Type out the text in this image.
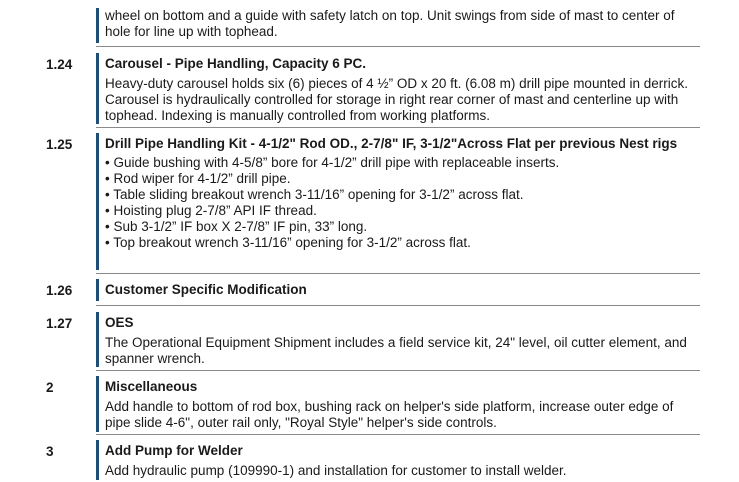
wheel on bottom and a guide with safety latch on top. Unit swings from side of mast to center of hole for line up with tophead.

1.24 Carousel - Pipe Handling, Capacity 6 PC.

Heavy-duty carousel holds six (6) pieces of 4 ½” OD x 20 ft. (6.08 m) drill pipe mounted in derrick. Carousel is hydraulically controlled for storage in right rear corner of mast and centerline up with tophead. Indexing is manually controlled from working platforms.

1.25 Drill Pipe Handling Kit - 4-1/2" Rod OD., 2-7/8" IF, 3-1/2"Across Flat per previous Nest rigs

• Guide bushing with 4-5/8” bore for 4-1/2” drill pipe with replaceable inserts.
• Rod wiper for 4-1/2” drill pipe.
• Table sliding breakout wrench 3-11/16” opening for 3-1/2” across flat.
• Hoisting plug 2-7/8” API IF thread.
• Sub 3-1/2” IF box X 2-7/8” IF pin, 33” long.
• Top breakout wrench 3-11/16” opening for 3-1/2” across flat.
1.26 Customer Specific Modification

1.27 OES

The Operational Equipment Shipment includes a field service kit, 24" level, oil cutter element, and spanner wrench.

2	Miscellaneous

Add handle to bottom of rod box, bushing rack on helper's side platform, increase outer edge of pipe slide 4-6", outer rail only, "Royal Style" helper's side controls.

3	Add Pump for Welder

Add hydraulic pump (109990-1) and installation for customer to install welder.
